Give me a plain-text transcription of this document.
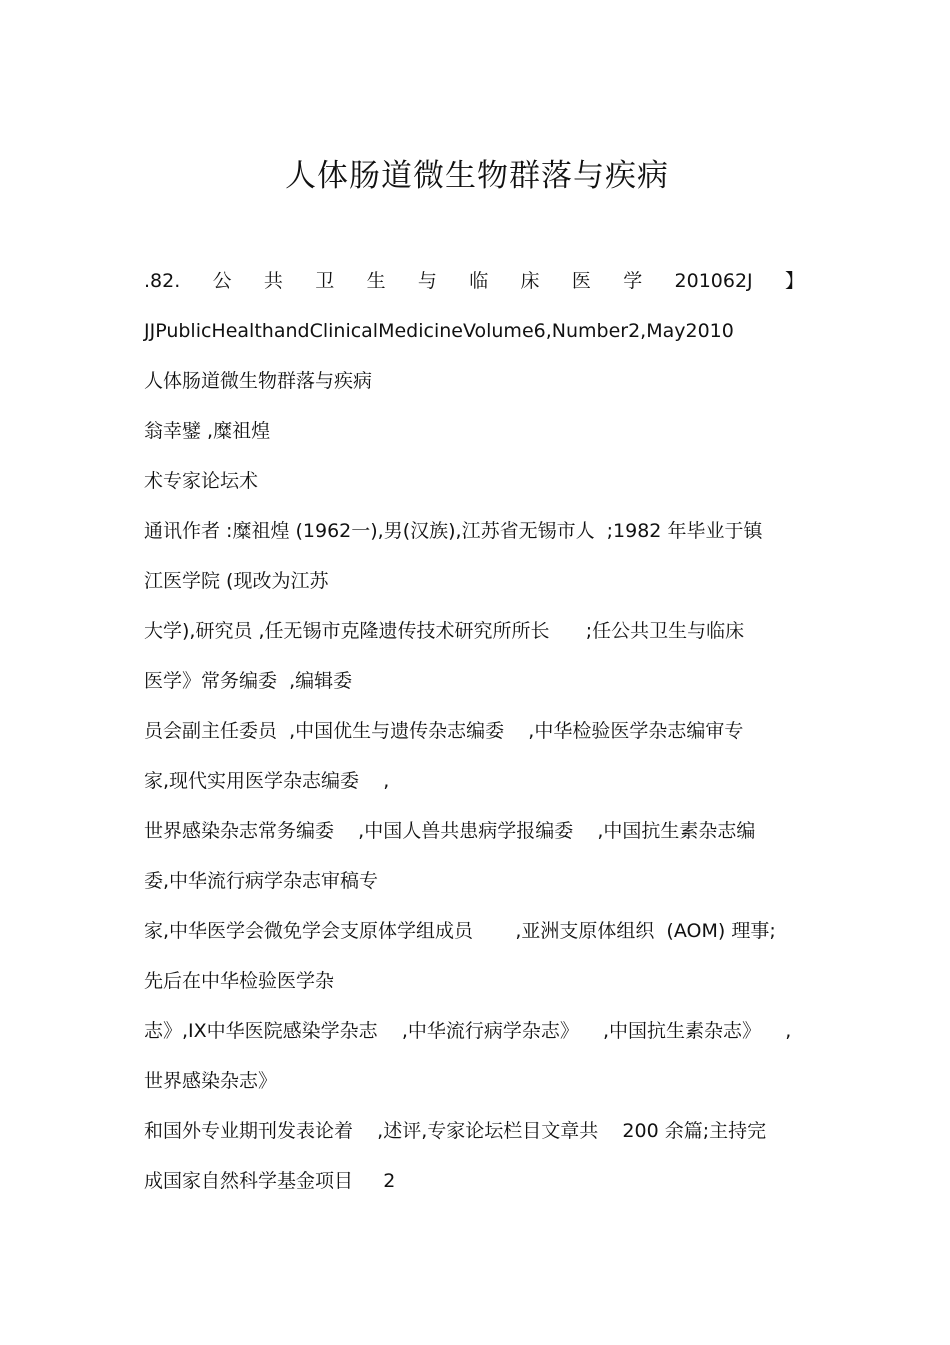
人体肠道微生物群落与疾病
.82. 公 共 卫 生 与 临 床 医 学 201062J 】
JJPublicHealthandClinicalMedicineVolume6,Number2,May2010
人体肠道微生物群落与疾病
翁幸鐾 ,糜祖煌
术专家论坛术
通讯作者 :糜祖煌 (1962一),男(汉族),江苏省无锡市人  ;1982 年毕业于镇
江医学院 (现改为江苏
大学),研究员 ,任无锡市克隆遗传技术研究所所长      ;任公共卫生与临床
医学》常务编委  ,编辑委
员会副主任委员  ,中国优生与遗传杂志编委    ,中华检验医学杂志编审专
家,现代实用医学杂志编委    ,
世界感染杂志常务编委    ,中国人兽共患病学报编委    ,中国抗生素杂志编
委,中华流行病学杂志审稿专
家,中华医学会微免学会支原体学组成员       ,亚洲支原体组织  (AOM) 理事;
先后在中华检验医学杂
志》,IX中华医院感染学杂志    ,中华流行病学杂志》    ,中国抗生素杂志》    ,
世界感染杂志》
和国外专业期刊发表论着    ,述评,专家论坛栏目文章共    200 余篇;主持完
成国家自然科学基金项目     2
